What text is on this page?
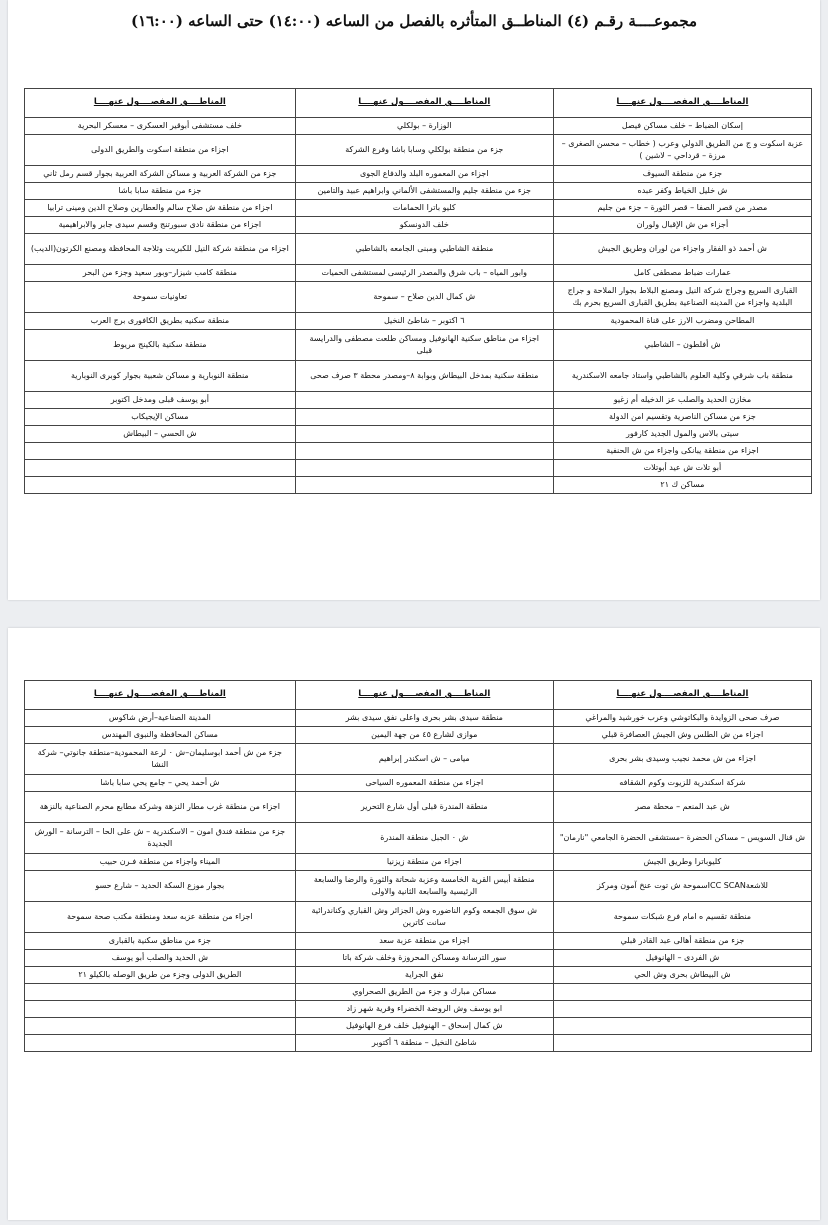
مجموعــــة رقـم (٤) المناطــق المتأثره بالفصل من الساعه (١٤:٠٠) حتى الساعه (١٦:٠٠)
المناطــــق المفصــــول عنهــــا	المناطــــق المفصــــول عنهــــا	المناطــــق المفصــــول عنهــــا
إسكان الضباط – خلف مساكن فيصل	الوزارة – بولكلي	خلف مستشفى أبوقير العسكرى – معسكر البحرية
عزبة اسكوت و ج من الطريق الدولي وعرب ( خطاب – محسن الصغرى – مرزة – قرداحي – لاشين )	جزء من منطقة بولكلي وسابا باشا وفرع الشركة	اجزاء من منطقة اسكوت والطريق الدولى
جزء من منطقة السيوف	اجزاء من المعموره البلد والدفاع الجوى	جزء من الشركة العربية و مساكن الشركة العربية بجوار قسم رمل ثاني
ش خليل الخياط وكفر عبده	جزء من منطقة جليم والمستشفى الألماني وابراهيم عبيد والتامين	جزء من منطقة سابا باشا
مصدر من قصر الصفا – قصر الثورة – جزء من جليم	كليو باترا الحمامات	اجزاء من منطقة ش صلاح سالم والعطارين وصلاح الدين ومينى ترابيا
أجزاء من ش الإقبال ولوران	خلف الدونسكو	اجزاء من منطقة نادى سبورتنج وقسم سيدى جابر والابراهيمية
ش أحمد ذو الفقار واجزاء من لوران وطريق الجيش	منطقة الشاطبي ومبنى الجامعه بالشاطبي	اجزاء من منطقة شركة النيل للكبريت وثلاجة المحافظة ومصنع الكرتون(الديب)
عمارات ضباط مصطفى كامل	وابور المياه – باب شرق والمصدر الرئيسى لمستشفى الحميات	منطقة كامب شيزار–وبور سعيد وجزء من البحر
القبارى السريع وجراج شركة النيل ومصنع البلاط بجوار الملاحة و جراج البلدية واجزاء من المدينه الصناعية بطريق القبارى السريع بحرم بك	ش كمال الدين صلاح – سموحة	تعاونيات سموحة
المطاحن ومضرب الارز على قناة المحمودية	٦ اكتوبر – شاطئ النخيل	منطقة سكنيه بطريق الكافورى برج العرب
ش أفلطون – الشاطبي	اجزاء من مناطق سكنية الهانوفيل ومساكن طلعت مصطفى والدرايسة قبلى	منطقة سكنية بالكينج مريوط
منطقة باب شرقي وكلية العلوم بالشاطبي واستاد جامعه الاسكندرية	منطقة سكنية بمدخل البيطاش وبوابة ٨–ومصدر محطة ٣ صرف صحى	منطقة النوبارية و مساكن شعبية بجوار كوبرى النوبارية
مخازن الحديد والصلب عز الدخيله أم زغيو		أبو يوسف قبلى ومدخل اكتوبر
جزء من مساكن الناصرية وتقسيم امن الدولة		مساكن الإيجيكاب
سيتى بالاس والمول الجديد كارفور		ش الحسي – البيطاش
اجزاء من منطقة يبانكى واجزاء من ش الحنفية		
أبو تلات ش عيد أبوتلات		
مساكن ك ٢١		
المناطــــق المفصــــول عنهــــا	المناطــــق المفصــــول عنهــــا	المناطــــق المفصــــول عنهــــا
صرف صحى الزوايدة والبكاتوشي وعرب خورشيد والمراغي	منطقة سيدى بشر بحرى واعلى نفق سيدى بشر	المدينة الصناعية–أرض شاكوس
اجزاء من ش الطلس وش الجيش العصافرة قبلي	موازى لشارع ٤٥ من جهة اليمين	مساكن المحافظة والنبوى المهندس
اجزاء من ش محمد نجيب وسيدى بشر بحرى	ميامى – ش اسكندر إبراهيم	جزء من ش أحمد ابوسليمان–ش ٠ لرعة المحمودية–منطقة جانوتي– شركة النشا
شركة اسكندرية للزيوت وكوم الشقافه	اجزاء من منطقة المعموره السياحى	ش أحمد يحي – جامع يحي سابا باشا
ش عبد المنعم – محطة مصر	منطقة المندرة قبلى أول شارع التحرير	اجزاء من منطقة غرب مطار النزهة وشركة مطابع محرم الصناعية بالنزهة
ش قنال السويس – مساكن الحضرة –مستشفى الحضرة الجامعي "نارمان"	ش ٠ الجبل منطقة المندرة	جزء من منطقة فندق امون – الاسكندرية – ش على الحا – الترسانة – الورش الجديدة
كليوباترا وطريق الجيش	اجزاء من منطقة زيزنيا	الميناء واجزاء من منطقة فـرن حبيب
للاشعةICC SCANسموحة ش توت عنخ آمون ومركز	منطقة أبيس القرية الخامسة وعزبة شحاتة والثورة والرضا والسابعة الرئيسية والسابعة الثانية والاولى	بجوار موزع السكة الحديد – شارع حسو
منطقة تقسيم ه امام فرع شبكات سموحة	ش سوق الجمعه وكوم الناضوره وش الجزائر وش القباري وكناندرائية سانت كاترين	اجزاء من منطقة عزبه سعد ومنطقة مكتب صحة سموحة
جزء من منطقة أهالى عبد القادر قبلي	اجزاء من منطقة عزبة سعد	جزء من مناطق سكنية بالقبارى
ش الفردى – الهانوفيل	سور الترسانة ومساكن المحروزة وخلف شركة باتا	ش الحديد والصلب أبو يوسف
ش البيطاش بحرى وش الحي	نفق الجراية	الطريق الدولى وجزء من طريق الوصله بالكيلو ٢١
	مساكن مبارك و جزء من الطريق الصحراوي	
	ابو يوسف وش الروضة الخضراء وقرية شهر زاد	
	ش كمال إسحاق – الهنوفيل خلف فرع الهانوفيل	
	شاطئ النخيل – منطقة ٦ أكتوبر	
